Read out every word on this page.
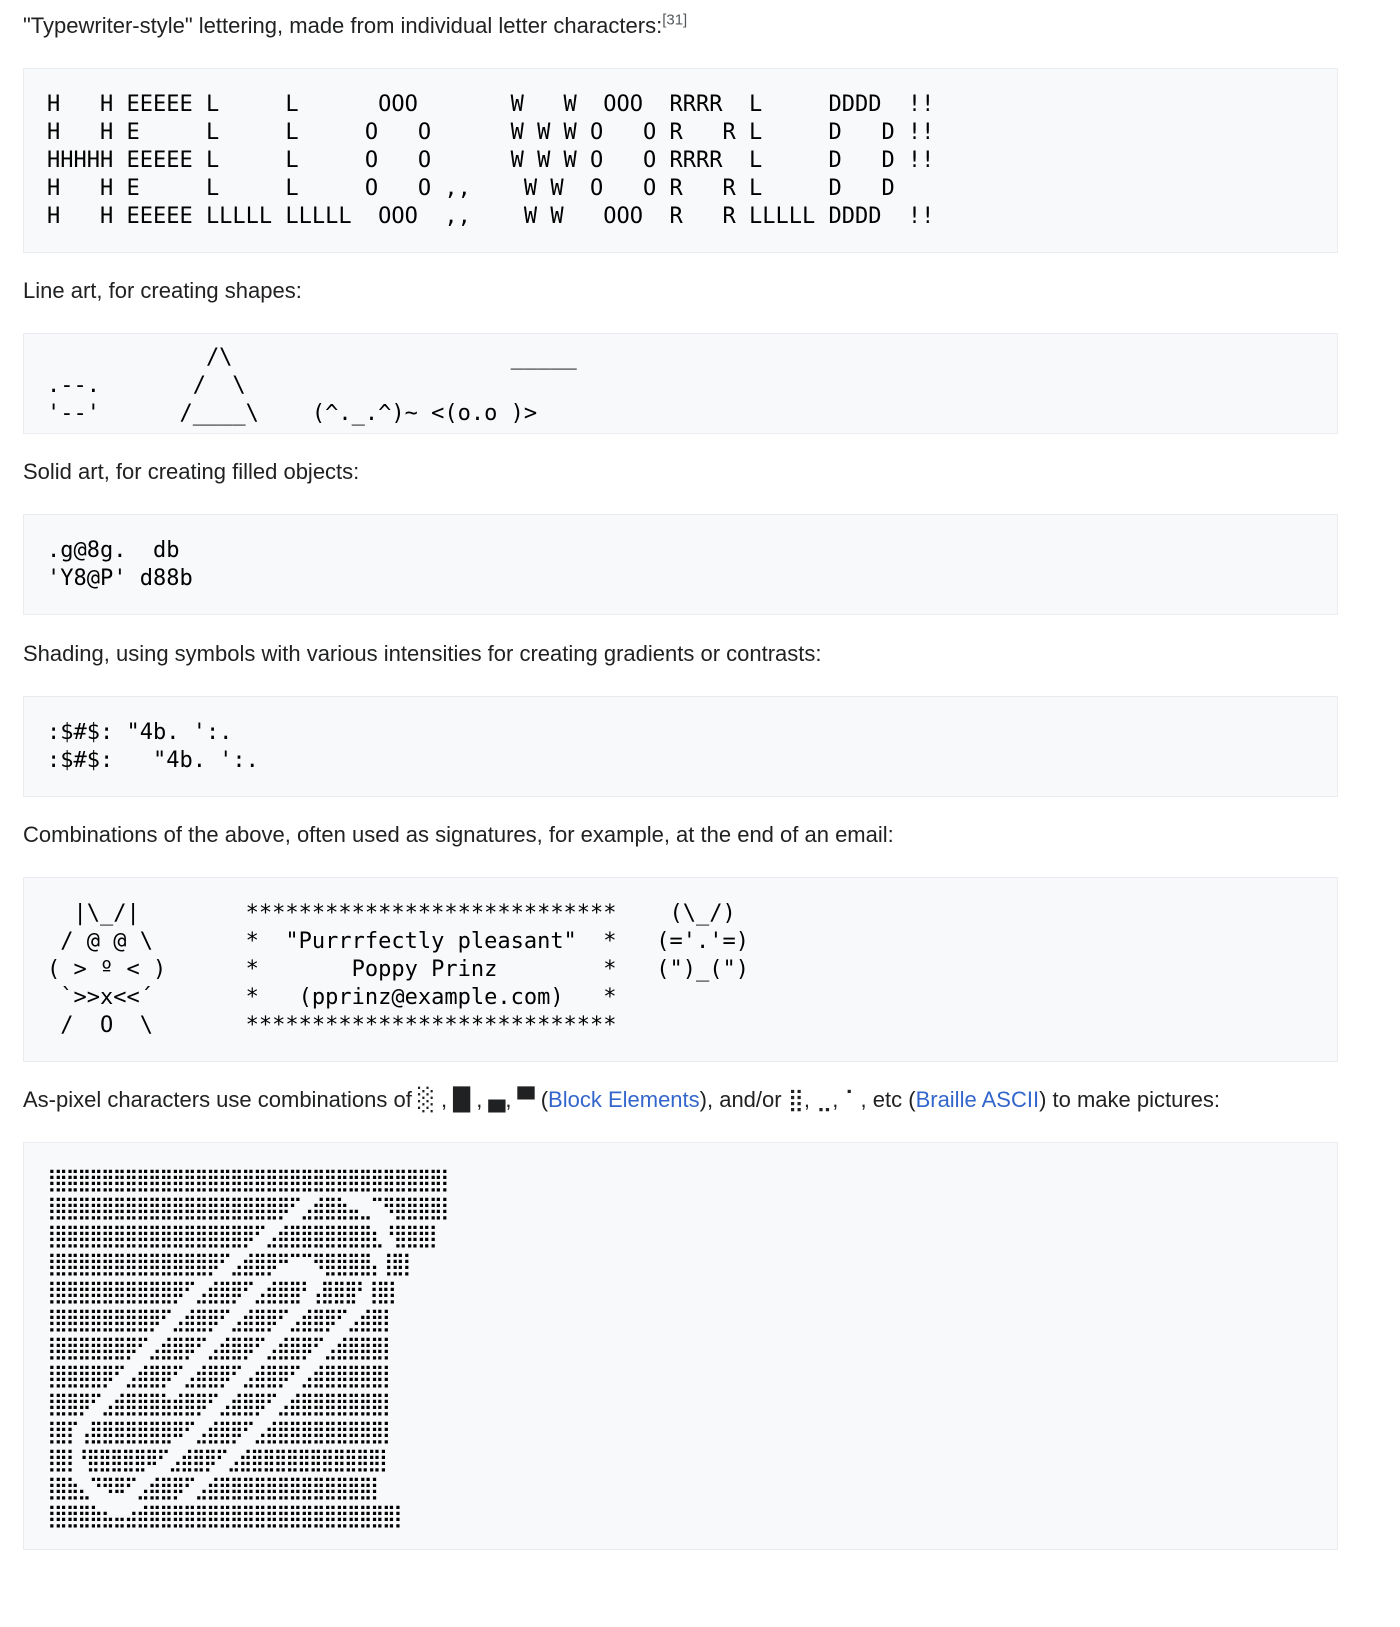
"Typewriter-style" lettering, made from individual letter characters:[31]

H   H EEEEE L     L      OOO       W   W  OOO  RRRR  L     DDDD  !!
H   H E     L     L     O   O      W W W O   O R   R L     D   D !!
HHHHH EEEEE L     L     O   O      W W W O   O RRRR  L     D   D !!
H   H E     L     L     O   O ,,    W W  O   O R   R L     D   D
H   H EEEEE LLLLL LLLLL  OOO  ,,    W W   OOO  R   R LLLLL DDDD  !!

Line art, for creating shapes:

/\                     _____
.--.       /  \
'--'      /____\    (^._.^)~ <(o.o )>

Solid art, for creating filled objects:

.g@8g.  db
'Y8@P' d88b

Shading, using symbols with various intensities for creating gradients or contrasts:

:$#$: "4b. ':.
:$#$:   "4b. ':.

Combinations of the above, often used as signatures, for example, at the end of an email:

|\_/|        ****************************    (\_/)
/ @ @ \       *  "Purrrfectly pleasant"  *   (='.'=)
( > º < )      *       Poppy Prinz        *   (")_(")
`>>x<<´       *   (pprinz@example.com)   *
/  O  \       ****************************

As-pixel characters use combinations of ░ , █ , ▄, ▀ (Block Elements), and/or ⣿, ⣀, ⠁, etc (Braille ASCII) to make pictures:

⣿⣿⣿⣿⣿⣿⣿⣿⣿⣿⣿⣿⣿⣿⣿⣿⣿⣿⣿⣿⣿⣿⣿⣿⣿⣿⣿⣿⣿⣿⣿⣿⣿⣿
⣿⣿⣿⣿⣿⣿⣿⣿⣿⣿⣿⣿⣿⣿⣿⣿⣿⣿⣿⣿⠟⢁⣴⣿⣿⣦⣄⡈⠙⢿⣿⣿⣿⣿
⣿⣿⣿⣿⣿⣿⣿⣿⣿⣿⣿⣿⣿⣿⣿⣿⣿⠟⢁⣴⣿⣿⣿⣿⣿⣿⣿⣷⡀⢻⣿⣿⣿
⣿⣿⣿⣿⣿⣿⣿⣿⣿⣿⣿⣿⣿⣿⠟⢁⣴⣿⣿⠟⠋⠉⠙⢿⣿⣿⣿⣧ ⣿⣿
⣿⣿⣿⣿⣿⣿⣿⣿⣿⣿⣿⠟⢁⣴⣿⣿⠟⢁⣴⣿⣿⡟ ⣼⣿⣿⡟ ⣿⣿
⣿⣿⣿⣿⣿⣿⣿⣿⣿⠟⢁⣴⣿⣿⠟⢁⣴⣿⣿⠟⢁⣴⣿⣿⠟⢁⣴⣿⣿
⣿⣿⣿⣿⣿⣿⣿⠟⢁⣴⣿⣿⠟⢁⣴⣿⣿⠟⢁⣴⣿⣿⠟⢁⣴⣿⣿⣿⣿
⣿⣿⣿⣿⣿⠟⢁⣴⣿⣿⠟⢁⣴⣿⣿⠟⢁⣴⣿⣿⠟⢁⣴⣿⣿⣿⣿⣿⣿
⣿⣿⣿⠟⢁⣴⣿⣿⣿⣿⣶⣿⣿⠟⢁⣴⣿⣿⠟⢁⣴⣿⣿⣿⣿⣿⣿⣿⣿
⣿⣿⠁⣼⣿⣿⣿⣿⣿⣿⡿⠟⢁⣴⣿⣿⠟⢁⣴⣿⣿⣿⣿⣿⣿⣿⣿⣿⣿
⣿⣿ ⢻⣿⣿⣿⣿⡿⠟⢁⣴⣿⣿⠟⢁⣴⣿⣿⣿⣿⣿⣿⣿⣿⣿⣿⣿⣿
⣿⣿⣦⡈⠛⠿⠟⢁⣴⣿⣿⠟⢁⣴⣿⣿⣿⣿⣿⣿⣿⣿⣿⣿⣿⣿⣿⣿
⣿⣿⣿⣿⣶⣤⣤⣶⣿⣿⣿⣿⣿⣿⣿⣿⣿⣿⣿⣿⣿⣿⣿⣿⣿⣿⣿⣿⣿⣿
